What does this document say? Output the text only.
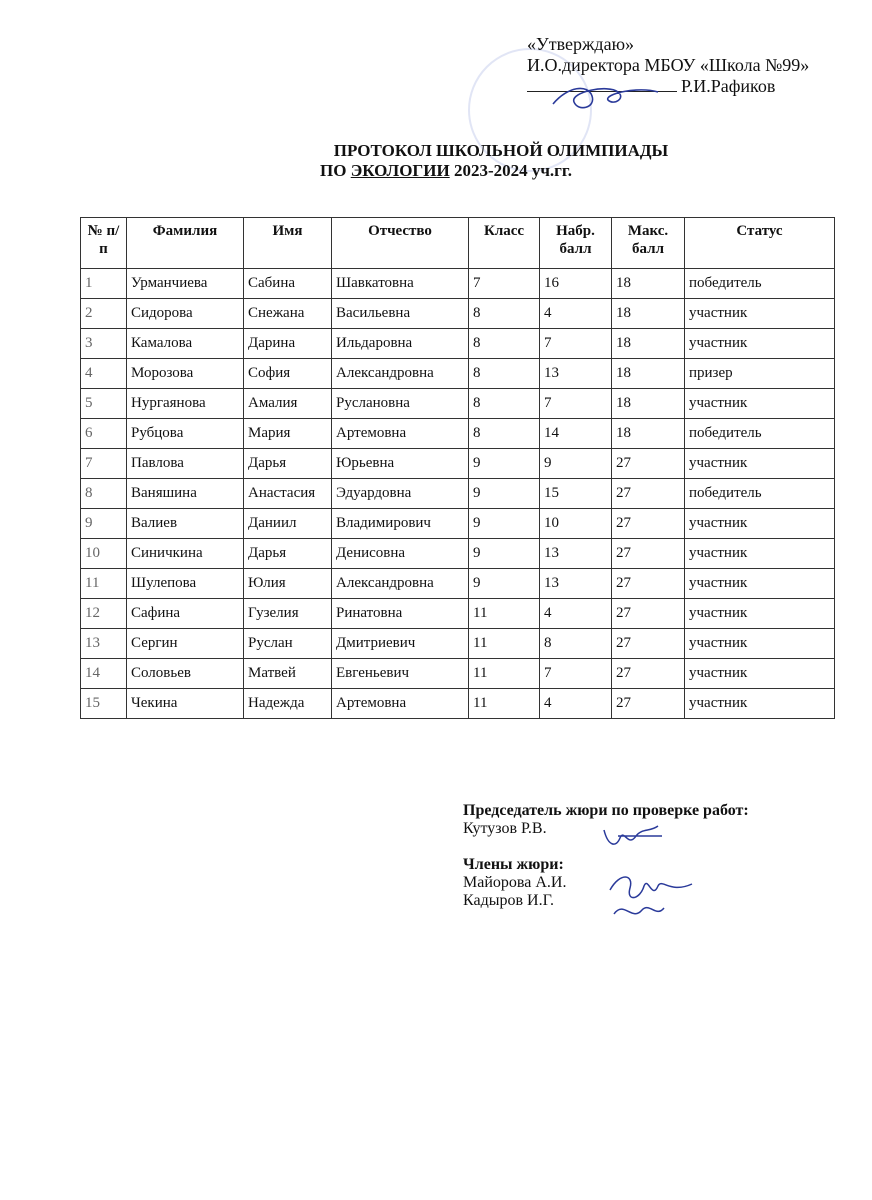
«Утверждаю»
И.О.директора МБОУ «Школа №99»
Р.И.Рафиков
ПРОТОКОЛ ШКОЛЬНОЙ ОЛИМПИАДЫ
ПО ЭКОЛОГИИ 2023-2024 уч.гг.
№ п/п	Фамилия	Имя	Отчество	Класс	Набр. балл	Макс. балл	Статус
1	Урманчиева	Сабина	Шавкатовна	7	16	18	победитель
2	Сидорова	Снежана	Васильевна	8	4	18	участник
3	Камалова	Дарина	Ильдаровна	8	7	18	участник
4	Морозова	София	Александровна	8	13	18	призер
5	Нургаянова	Амалия	Руслановна	8	7	18	участник
6	Рубцова	Мария	Артемовна	8	14	18	победитель
7	Павлова	Дарья	Юрьевна	9	9	27	участник
8	Ваняшина	Анастасия	Эдуардовна	9	15	27	победитель
9	Валиев	Даниил	Владимирович	9	10	27	участник
10	Синичкина	Дарья	Денисовна	9	13	27	участник
11	Шулепова	Юлия	Александровна	9	13	27	участник
12	Сафина	Гузелия	Ринатовна	11	4	27	участник
13	Сергин	Руслан	Дмитриевич	11	8	27	участник
14	Соловьев	Матвей	Евгеньевич	11	7	27	участник
15	Чекина	Надежда	Артемовна	11	4	27	участник
Председатель жюри по проверке работ:
Кутузов Р.В.
Члены жюри:
Майорова А.И.
Кадыров И.Г.
